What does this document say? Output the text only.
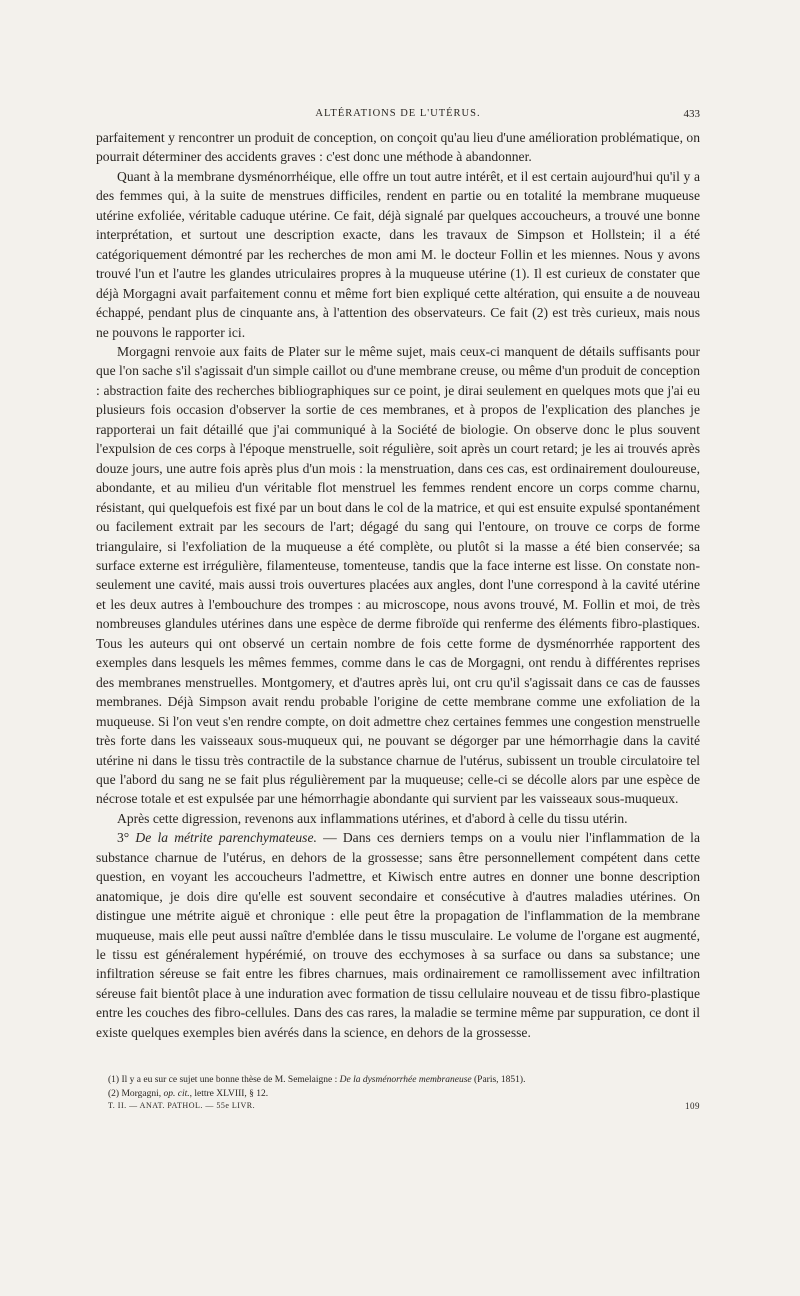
ALTÉRATIONS DE L'UTÉRUS.	433

parfaitement y rencontrer un produit de conception, on conçoit qu'au lieu d'une amélioration problématique, on pourrait déterminer des accidents graves : c'est donc une méthode à abandonner.

Quant à la membrane dysménorrhéique, elle offre un tout autre intérêt, et il est certain aujourd'hui qu'il y a des femmes qui, à la suite de menstrues difficiles, rendent en partie ou en totalité la membrane muqueuse utérine exfoliée, véritable caduque utérine. Ce fait, déjà signalé par quelques accoucheurs, a trouvé une bonne interprétation, et surtout une description exacte, dans les travaux de Simpson et Hollstein; il a été catégoriquement démontré par les recherches de mon ami M. le docteur Follin et les miennes. Nous y avons trouvé l'un et l'autre les glandes utriculaires propres à la muqueuse utérine (1). Il est curieux de constater que déjà Morgagni avait parfaitement connu et même fort bien expliqué cette altération, qui ensuite a de nouveau échappé, pendant plus de cinquante ans, à l'attention des observateurs. Ce fait (2) est très curieux, mais nous ne pouvons le rapporter ici.

Morgagni renvoie aux faits de Plater sur le même sujet, mais ceux-ci manquent de détails suffisants pour que l'on sache s'il s'agissait d'un simple caillot ou d'une membrane creuse, ou même d'un produit de conception : abstraction faite des recherches bibliographiques sur ce point, je dirai seulement en quelques mots que j'ai eu plusieurs fois occasion d'observer la sortie de ces membranes, et à propos de l'explication des planches je rapporterai un fait détaillé que j'ai communiqué à la Société de biologie. On observe donc le plus souvent l'expulsion de ces corps à l'époque menstruelle, soit régulière, soit après un court retard; je les ai trouvés après douze jours, une autre fois après plus d'un mois : la menstruation, dans ces cas, est ordinairement douloureuse, abondante, et au milieu d'un véritable flot menstruel les femmes rendent encore un corps comme charnu, résistant, qui quelquefois est fixé par un bout dans le col de la matrice, et qui est ensuite expulsé spontanément ou facilement extrait par les secours de l'art; dégagé du sang qui l'entoure, on trouve ce corps de forme triangulaire, si l'exfoliation de la muqueuse a été complète, ou plutôt si la masse a été bien conservée; sa surface externe est irrégulière, filamenteuse, tomenteuse, tandis que la face interne est lisse. On constate non-seulement une cavité, mais aussi trois ouvertures placées aux angles, dont l'une correspond à la cavité utérine et les deux autres à l'embouchure des trompes : au microscope, nous avons trouvé, M. Follin et moi, de très nombreuses glandules utérines dans une espèce de derme fibroïde qui renferme des éléments fibro-plastiques. Tous les auteurs qui ont observé un certain nombre de fois cette forme de dysménorrhée rapportent des exemples dans lesquels les mêmes femmes, comme dans le cas de Morgagni, ont rendu à différentes reprises des membranes menstruelles. Montgomery, et d'autres après lui, ont cru qu'il s'agissait dans ce cas de fausses membranes. Déjà Simpson avait rendu probable l'origine de cette membrane comme une exfoliation de la muqueuse. Si l'on veut s'en rendre compte, on doit admettre chez certaines femmes une congestion menstruelle très forte dans les vaisseaux sous-muqueux qui, ne pouvant se dégorger par une hémorrhagie dans la cavité utérine ni dans le tissu très contractile de la substance charnue de l'utérus, subissent un trouble circulatoire tel que l'abord du sang ne se fait plus régulièrement par la muqueuse; celle-ci se décolle alors par une espèce de nécrose totale et est expulsée par une hémorrhagie abondante qui survient par les vaisseaux sous-muqueux.

Après cette digression, revenons aux inflammations utérines, et d'abord à celle du tissu utérin.

3° De la métrite parenchymateuse. — Dans ces derniers temps on a voulu nier l'inflammation de la substance charnue de l'utérus, en dehors de la grossesse; sans être personnellement compétent dans cette question, en voyant les accoucheurs l'admettre, et Kiwisch entre autres en donner une bonne description anatomique, je dois dire qu'elle est souvent secondaire et consécutive à d'autres maladies utérines. On distingue une métrite aiguë et chronique : elle peut être la propagation de l'inflammation de la membrane muqueuse, mais elle peut aussi naître d'emblée dans le tissu musculaire. Le volume de l'organe est augmenté, le tissu est généralement hypérémié, on trouve des ecchymoses à sa surface ou dans sa substance; une infiltration séreuse se fait entre les fibres charnues, mais ordinairement ce ramollissement avec infiltration séreuse fait bientôt place à une induration avec formation de tissu cellulaire nouveau et de tissu fibro-plastique entre les couches des fibro-cellules. Dans des cas rares, la maladie se termine même par suppuration, ce dont il existe quelques exemples bien avérés dans la science, en dehors de la grossesse.

(1) Il y a eu sur ce sujet une bonne thèse de M. Semelaigne : De la dysménorrhée membraneuse (Paris, 1851).

(2) Morgagni, op. cit., lettre XLVIII, § 12.

T. II. — ANAT. PATHOL. — 55e LIVR.	109
